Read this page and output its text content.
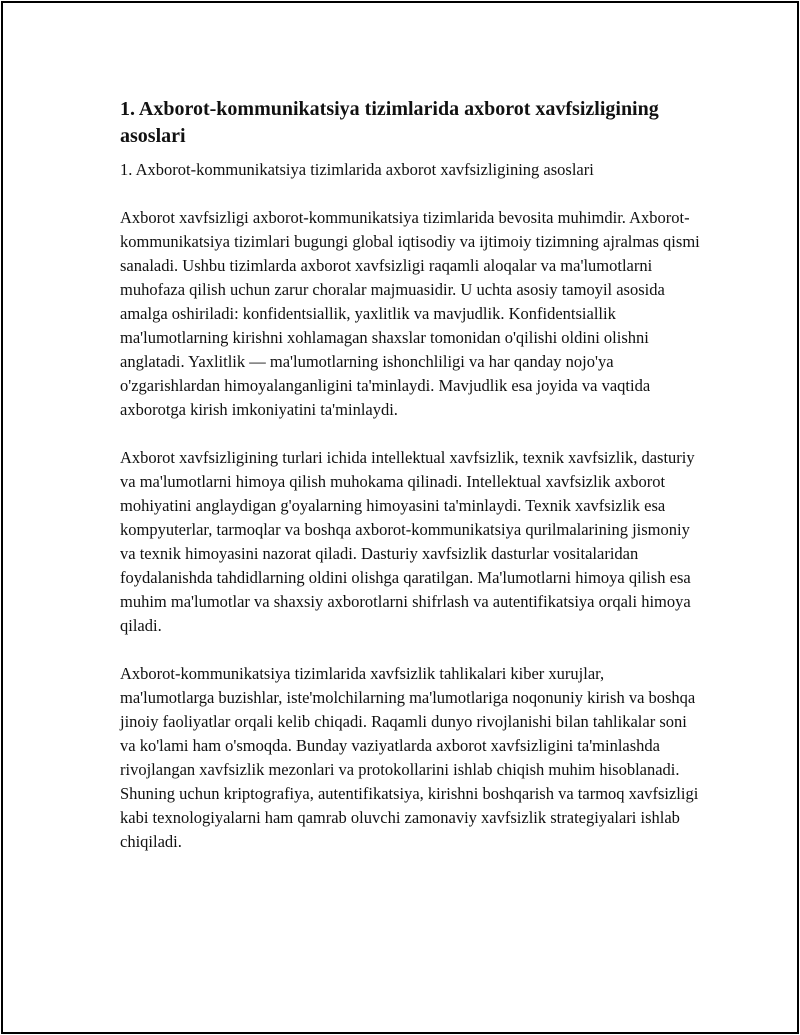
1. Axborot-kommunikatsiya tizimlarida axborot xavfsizligining asoslari

1. Axborot-kommunikatsiya tizimlarida axborot xavfsizligining asoslari

Axborot xavfsizligi axborot-kommunikatsiya tizimlarida bevosita muhimdir. Axborot-kommunikatsiya tizimlari bugungi global iqtisodiy va ijtimoiy tizimning ajralmas qismi sanaladi. Ushbu tizimlarda axborot xavfsizligi raqamli aloqalar va ma'lumotlarni muhofaza qilish uchun zarur choralar majmuasidir. U uchta asosiy tamoyil asosida amalga oshiriladi: konfidentsiallik, yaxlitlik va mavjudlik. Konfidentsiallik ma'lumotlarning kirishni xohlamagan shaxslar tomonidan o'qilishi oldini olishni anglatadi. Yaxlitlik — ma'lumotlarning ishonchliligi va har qanday nojo'ya o'zgarishlardan himoyalanganligini ta'minlaydi. Mavjudlik esa joyida va vaqtida axborotga kirish imkoniyatini ta'minlaydi.

Axborot xavfsizligining turlari ichida intellektual xavfsizlik, texnik xavfsizlik, dasturiy va ma'lumotlarni himoya qilish muhokama qilinadi. Intellektual xavfsizlik axborot mohiyatini anglaydigan g'oyalarning himoyasini ta'minlaydi. Texnik xavfsizlik esa kompyuterlar, tarmoqlar va boshqa axborot-kommunikatsiya qurilmalarining jismoniy va texnik himoyasini nazorat qiladi. Dasturiy xavfsizlik dasturlar vositalaridan foydalanishda tahdidlarning oldini olishga qaratilgan. Ma'lumotlarni himoya qilish esa muhim ma'lumotlar va shaxsiy axborotlarni shifrlash va autentifikatsiya orqali himoya qiladi.

Axborot-kommunikatsiya tizimlarida xavfsizlik tahlikalari kiber xurujlar, ma'lumotlarga buzishlar, iste'molchilarning ma'lumotlariga noqonuniy kirish va boshqa jinoiy faoliyatlar orqali kelib chiqadi. Raqamli dunyo rivojlanishi bilan tahlikalar soni va ko'lami ham o'smoqda. Bunday vaziyatlarda axborot xavfsizligini ta'minlashda rivojlangan xavfsizlik mezonlari va protokollarini ishlab chiqish muhim hisoblanadi. Shuning uchun kriptografiya, autentifikatsiya, kirishni boshqarish va tarmoq xavfsizligi kabi texnologiyalarni ham qamrab oluvchi zamonaviy xavfsizlik strategiyalari ishlab chiqiladi.
